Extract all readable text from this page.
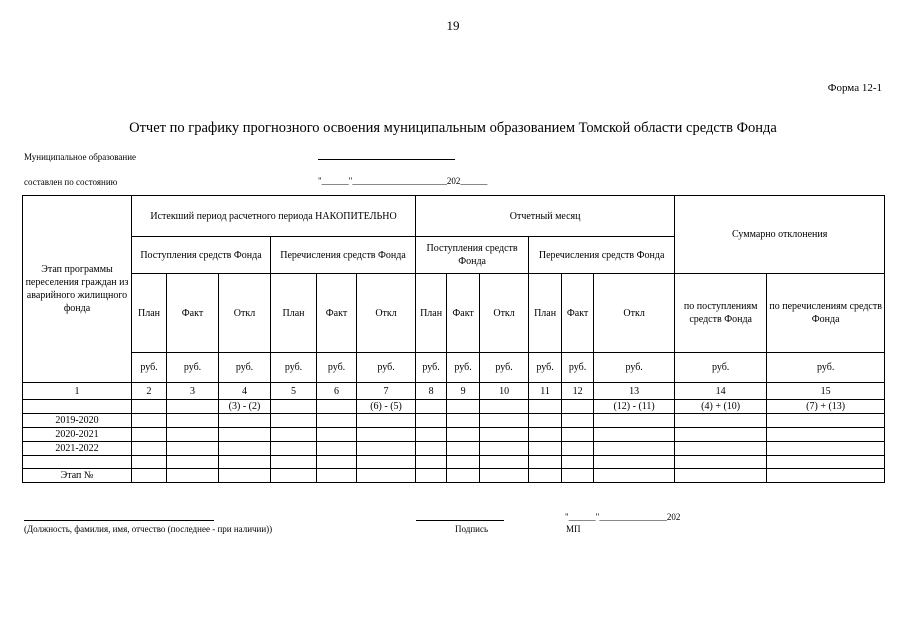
19
Форма 12-1
Отчет по графику прогнозного освоения муниципальным образованием Томской области средств Фонда
Муниципальное образование
составлен по состоянию	"______"_____________________202______
Этап программы переселения граждан из аварийного жилищного фонда	Истекший период расчетного периода НАКОПИТЕЛЬНО						Отчетный месяц						Суммарно отклонения	
	Поступления средств Фонда			Перечисления средств Фонда			Поступления средств Фонда			Перечисления средств Фонда				
	План	Факт	Откл	План	Факт	Откл	План	Факт	Откл	План	Факт	Откл	по поступлениям средств Фонда	по перечислениям средств Фонда
	руб.	руб.	руб.	руб.	руб.	руб.	руб.	руб.	руб.	руб.	руб.	руб.	руб.	руб.
1	2	3	4	5	6	7	8	9	10	11	12	13	14	15
			(3) - (2)			(6) - (5)						(12) - (11)	(4) + (10)	(7) + (13)
2019-2020														
2020-2021														
2021-2022														

Этап №														
(Должность, фамилия, имя, отчество (последнее - при наличии))	Подпись
"______"_______________202
МП
